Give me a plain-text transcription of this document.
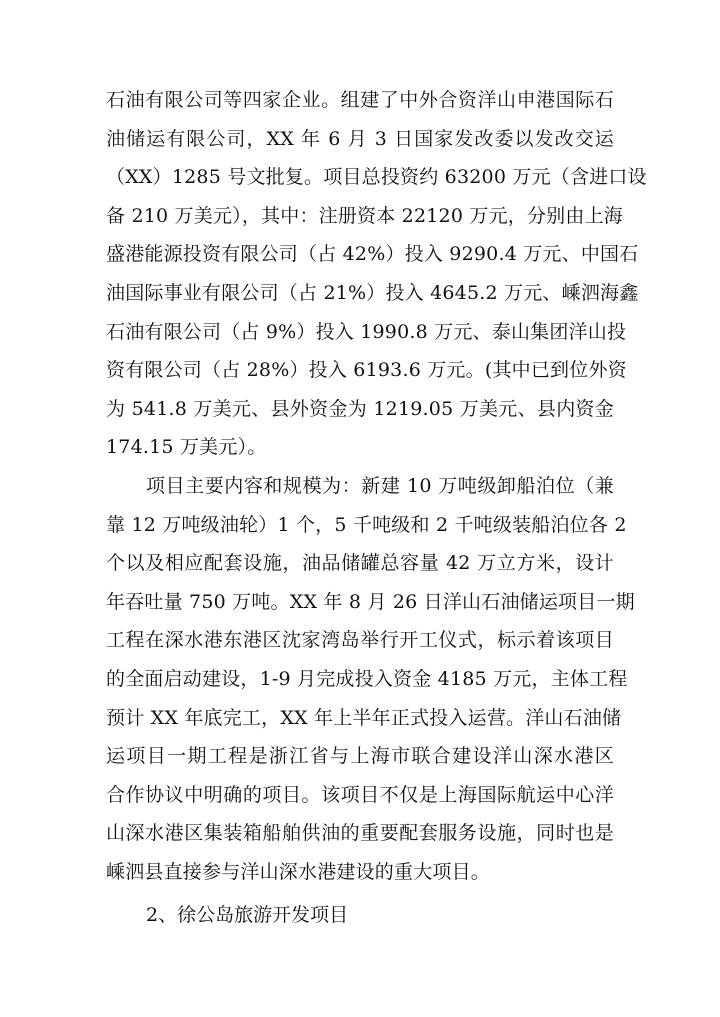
石油有限公司等四家企业。组建了中外合资洋山申港国际石
油储运有限公司，XX 年 6 月 3 日国家发改委以发改交运
（XX）1285 号文批复。项目总投资约 63200 万元（含进口设
备 210 万美元），其中：注册资本 22120 万元，分别由上海
盛港能源投资有限公司（占 42%）投入 9290.4 万元、中国石
油国际事业有限公司（占 21%）投入 4645.2 万元、嵊泗海鑫
石油有限公司（占 9%）投入 1990.8 万元、泰山集团洋山投
资有限公司（占 28%）投入 6193.6 万元。(其中已到位外资
为 541.8 万美元、县外资金为 1219.05 万美元、县内资金
174.15 万美元）。
项目主要内容和规模为：新建 10 万吨级卸船泊位（兼
靠 12 万吨级油轮）1 个，5 千吨级和 2 千吨级装船泊位各 2
个以及相应配套设施，油品储罐总容量 42 万立方米，设计
年吞吐量 750 万吨。XX 年 8 月 26 日洋山石油储运项目一期
工程在深水港东港区沈家湾岛举行开工仪式，标示着该项目
的全面启动建设，1-9 月完成投入资金 4185 万元，主体工程
预计 XX 年底完工，XX 年上半年正式投入运营。洋山石油储
运项目一期工程是浙江省与上海市联合建设洋山深水港区
合作协议中明确的项目。该项目不仅是上海国际航运中心洋
山深水港区集装箱船舶供油的重要配套服务设施，同时也是
嵊泗县直接参与洋山深水港建设的重大项目。
2、徐公岛旅游开发项目
